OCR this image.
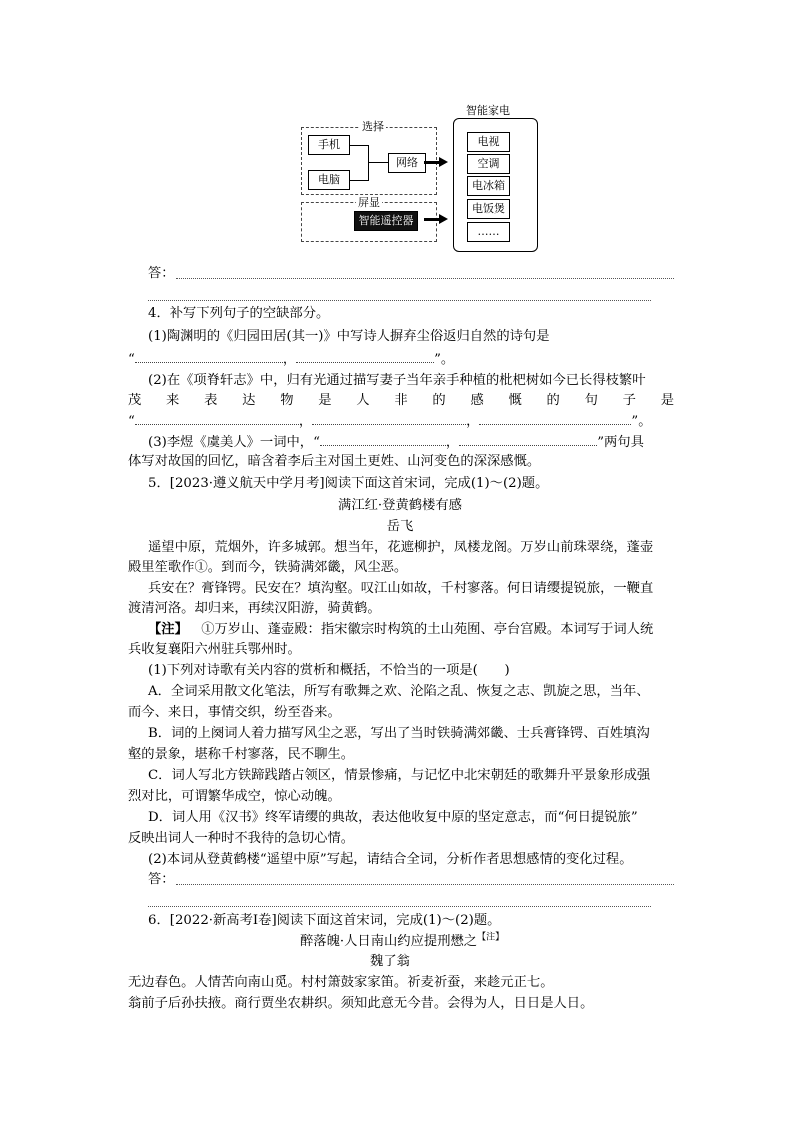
选择
手机
电脑
网络
屏显
智能遥控器
智能家电
电视
空调
电冰箱
电饭煲
……
答：
4．补写下列句子的空缺部分。
(1)陶渊明的《归园田居(其一)》中写诗人摒弃尘俗返归自然的诗句是
“	，	”。
(2)在《项脊轩志》中，归有光通过描写妻子当年亲手种植的枇杷树如今已长得枝繁叶
茂来表达物是人非的感慨的句子是
“	，	，	”。
(3)李煜《虞美人》一词中，“	，	”两句具
体写对故国的回忆，暗含着李后主对国土更姓、山河变色的深深感慨。
5．[2023·遵义航天中学月考]阅读下面这首宋词，完成(1)～(2)题。
满江红·登黄鹤楼有感
岳飞
遥望中原，荒烟外，许多城郭。想当年，花遮柳护，凤楼龙阁。万岁山前珠翠绕，蓬壶
殿里笙歌作①。到而今，铁骑满郊畿，风尘恶。
兵安在？膏锋锷。民安在？填沟壑。叹江山如故，千村寥落。何日请缨提锐旅，一鞭直
渡清河洛。却归来，再续汉阳游，骑黄鹤。
【注】  ①万岁山、蓬壶殿：指宋徽宗时构筑的土山苑囿、亭台宫殿。本词写于词人统
兵收复襄阳六州驻兵鄂州时。
(1)下列对诗歌有关内容的赏析和概括，不恰当的一项是(　　)
A．全词采用散文化笔法，所写有歌舞之欢、沦陷之乱、恢复之志、凯旋之思，当年、
而今、来日，事情交织，纷至沓来。
B．词的上阕词人着力描写风尘之恶，写出了当时铁骑满郊畿、士兵膏锋锷、百姓填沟
壑的景象，堪称千村寥落，民不聊生。
C．词人写北方铁蹄践踏占领区，情景惨痛，与记忆中北宋朝廷的歌舞升平景象形成强
烈对比，可谓繁华成空，惊心动魄。
D．词人用《汉书》终军请缨的典故，表达他收复中原的坚定意志，而“何日提锐旅”
反映出词人一种时不我待的急切心情。
(2)本词从登黄鹤楼“遥望中原”写起，请结合全词，分析作者思想感情的变化过程。
答：
6．[2022·新高考Ⅰ卷]阅读下面这首宋词，完成(1)～(2)题。
醉落魄·人日南山约应提刑懋之$^{【注】}$
魏了翁
无边春色。人情苦向南山觅。村村箫鼓家家笛。祈麦祈蚕，来趁元正七。
翁前子后孙扶掖。商行贾坐农耕织。须知此意无今昔。会得为人，日日是人日。
